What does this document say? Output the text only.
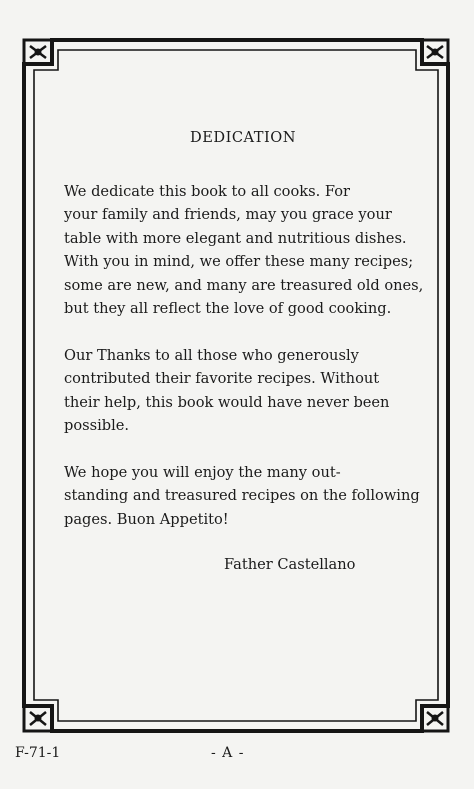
DEDICATION

We dedicate this book to all cooks. For
your family and friends, may you grace your
table with more elegant and nutritious dishes.
With you in mind, we offer these many recipes;
some are new, and many are treasured old ones,
but they all reflect the love of good cooking.

Our Thanks to all those who generously
contributed their favorite recipes. Without
their help, this book would have never been
possible.

We hope you will enjoy the many out-
standing and treasured recipes on the following
pages. Buon Appetito!

Father Castellano
F-71-1	- A -
